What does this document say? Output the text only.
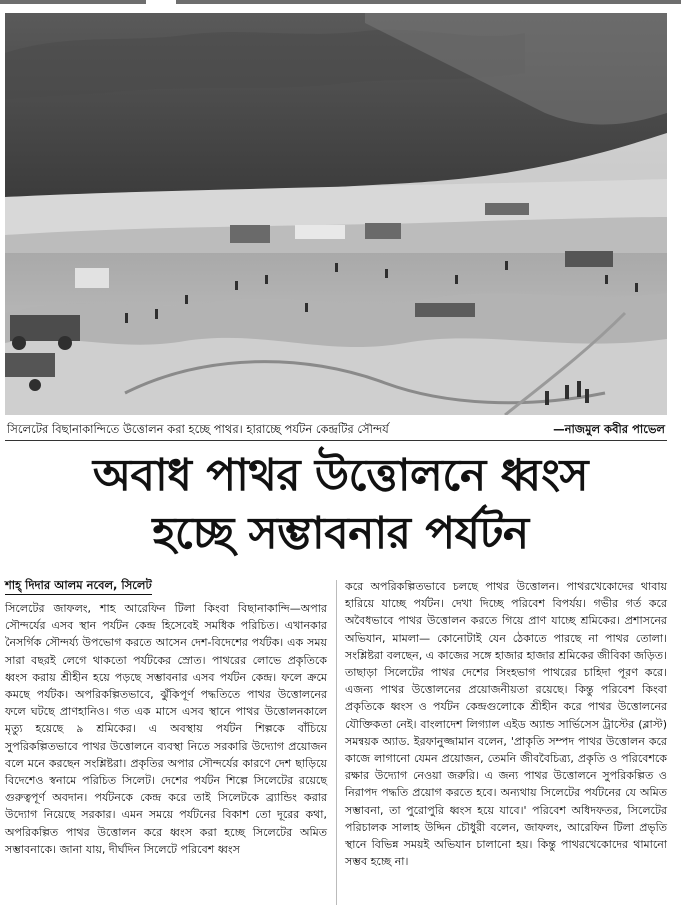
সিলেটের বিছানাকান্দিতে উত্তোলন করা হচ্ছে পাথর। হারাচ্ছে পর্যটন কেন্দ্রটির সৌন্দর্য	—নাজমুল কবীর পাভেল
অবাধ পাথর উত্তোলনে ধ্বংস
হচ্ছে সম্ভাবনার পর্যটন
শাহ্ দিদার আলম নবেল, সিলেট

সিলেটের জাফলং, শাহ আরেফিন টিলা কিংবা বিছানাকান্দি—অপার সৌন্দর্যের এসব স্থান পর্যটন কেন্দ্র হিসেবেই সমধিক পরিচিত। এখানকার নৈসর্গিক সৌন্দর্য্য উপভোগ করতে আসেন দেশ-বিদেশের পর্যটক। এক সময় সারা বছরই লেগে থাকতো পর্যটকের স্রোত। পাথরের লোভে প্রকৃতিকে ধ্বংস করায় শ্রীহীন হয়ে পড়ছে সম্ভাবনার এসব পর্যটন কেন্দ্র। ফলে ক্রমে কমছে পর্যটক। অপরিকল্পিতভাবে, ঝুঁকিপূর্ণ পদ্ধতিতে পাথর উত্তোলনের ফলে ঘটছে প্রাণহানিও। গত এক মাসে এসব স্থানে পাথর উত্তোলনকালে মৃত্যু হয়েছে ৯ শ্রমিকের। এ অবস্থায় পর্যটন শিল্পকে বাঁচিয়ে সুপরিকল্পিতভাবে পাথর উত্তোলনে ব্যবস্থা নিতে সরকারি উদ্যোগ প্রয়োজন বলে মনে করছেন সংশ্লিষ্টরা। প্রকৃতির অপার সৌন্দর্যের কারণে দেশ ছাড়িয়ে বিদেশেও স্বনামে পরিচিত সিলেট। দেশের পর্যটন শিল্পে সিলেটের রয়েছে গুরুত্বপূর্ণ অবদান। পর্যটনকে কেন্দ্র করে তাই সিলেটকে ব্র্যান্ডিং করার উদ্যোগ নিয়েছে সরকার। এমন সময়ে পর্যটনের বিকাশ তো দূরের কথা, অপরিকল্পিত পাথর উত্তোলন করে ধ্বংস করা হচ্ছে সিলেটের অমিত সম্ভাবনাকে। জানা যায়, দীর্ঘদিন সিলেটে পরিবেশ ধ্বংস

করে অপরিকল্পিতভাবে চলছে পাথর উত্তোলন। পাথরখেকোদের থাবায় হারিয়ে যাচ্ছে পর্যটন। দেখা দিচ্ছে পরিবেশ বিপর্যয়। গভীর গর্ত করে অবৈধভাবে পাথর উত্তোলন করতে গিয়ে প্রাণ যাচ্ছে শ্রমিকের। প্রশাসনের অভিযান, মামলা— কোনোটাই যেন ঠেকাতে পারছে না পাথর তোলা। সংশ্লিষ্টরা বলছেন, এ কাজের সঙ্গে হাজার হাজার শ্রমিকের জীবিকা জড়িত। তাছাড়া সিলেটের পাথর দেশের সিংহভাগ পাথরের চাহিদা পূরণ করে। এজন্য পাথর উত্তোলনের প্রয়োজনীয়তা রয়েছে। কিন্তু পরিবেশ কিংবা প্রকৃতিকে ধ্বংস ও পর্যটন কেন্দ্রগুলোকে শ্রীহীন করে পাথর উত্তোলনের যৌক্তিকতা নেই। বাংলাদেশ লিগ্যাল এইড অ্যান্ড সার্ভিসেস ট্রাস্টের (ব্লাস্ট) সমন্বয়ক অ্যাড. ইরফানুজ্জামান বলেন, 'প্রাকৃতি সম্পদ পাথর উত্তোলন করে কাজে লাগানো যেমন প্রয়োজন, তেমনি জীববৈচিত্র্য, প্রকৃতি ও পরিবেশকে রক্ষার উদ্যোগ নেওয়া জরুরি। এ জন্য পাথর উত্তোলনে সুপরিকল্পিত ও নিরাপদ পদ্ধতি প্রয়োগ করতে হবে। অন্যথায় সিলেটের পর্যটনের যে অমিত সম্ভাবনা, তা পুরোপুরি ধ্বংস হয়ে যাবে।' পরিবেশ অধিদফতর, সিলেটের পরিচালক সালাহ উদ্দিন চৌধুরী বলেন, জাফলং, আরেফিন টিলা প্রভৃতি স্থানে বিভিন্ন সময়ই অভিযান চালানো হয়। কিন্তু পাথরখেকোদের থামানো সম্ভব হচ্ছে না।
